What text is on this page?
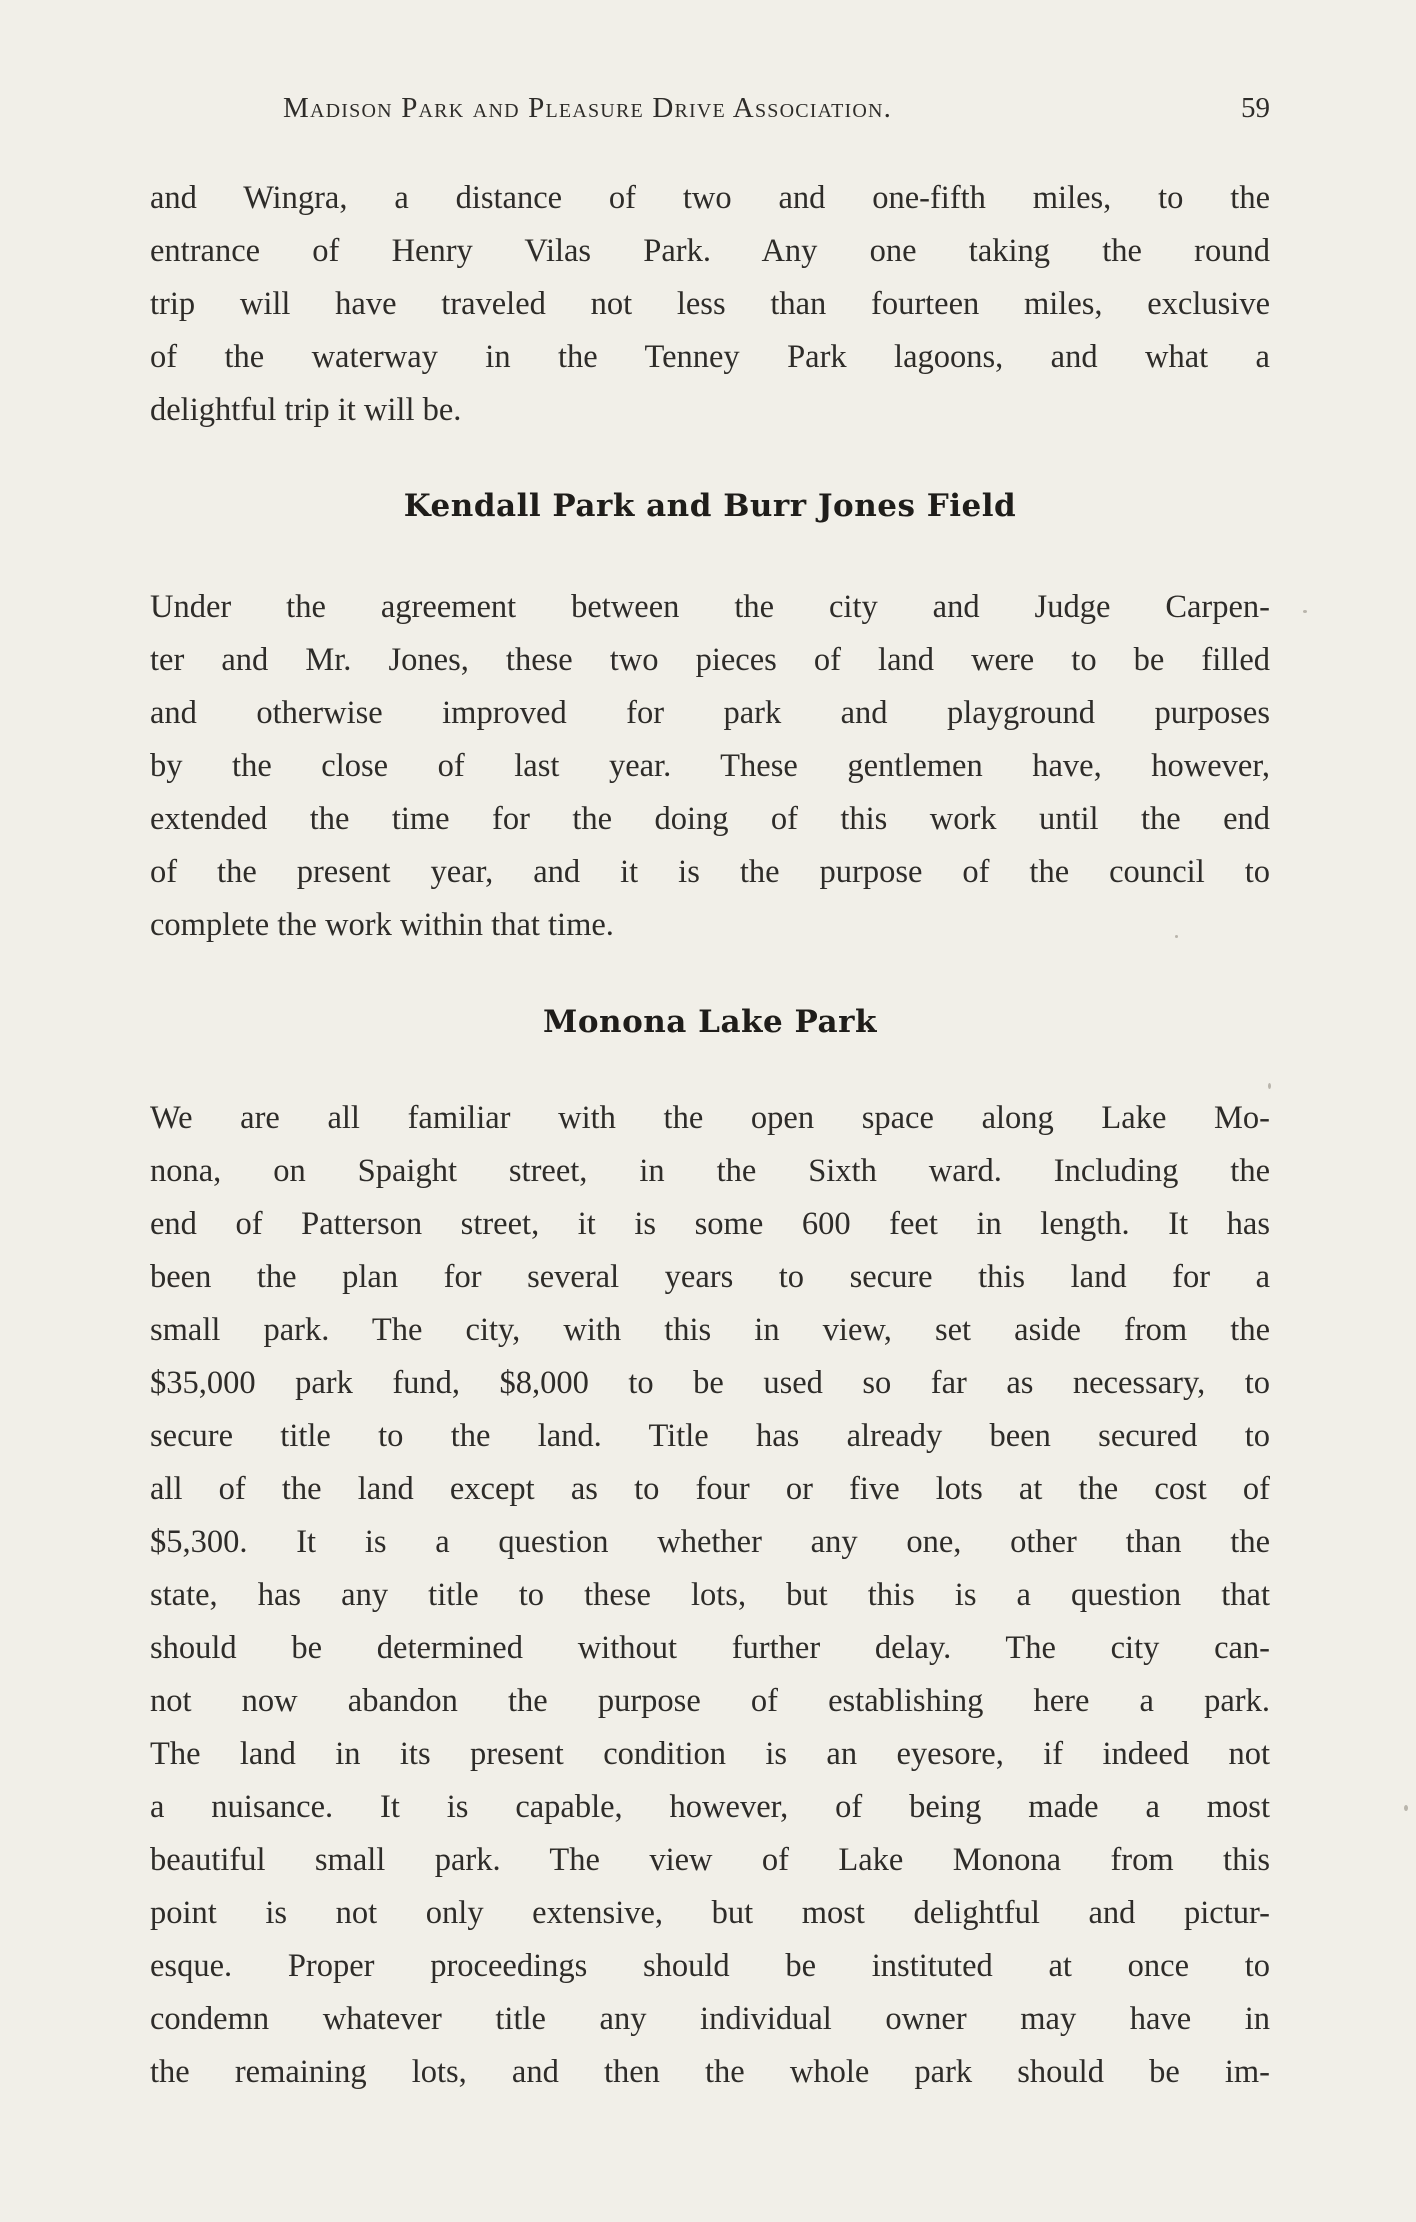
Madison Park and Pleasure Drive Association.	59
and Wingra, a distance of two and one-fifth miles, to the
entrance of Henry Vilas Park. Any one taking the round
trip will have traveled not less than fourteen miles, exclusive
of the waterway in the Tenney Park lagoons, and what a
delightful trip it will be.
Kendall Park and Burr Jones Field
Under the agreement between the city and Judge Carpen-
ter and Mr. Jones, these two pieces of land were to be filled
and otherwise improved for park and playground purposes
by the close of last year. These gentlemen have, however,
extended the time for the doing of this work until the end
of the present year, and it is the purpose of the council to
complete the work within that time.
Monona Lake Park
We are all familiar with the open space along Lake Mo-
nona, on Spaight street, in the Sixth ward. Including the
end of Patterson street, it is some 600 feet in length. It has
been the plan for several years to secure this land for a
small park. The city, with this in view, set aside from the
$35,000 park fund, $8,000 to be used so far as necessary, to
secure title to the land. Title has already been secured to
all of the land except as to four or five lots at the cost of
$5,300. It is a question whether any one, other than the
state, has any title to these lots, but this is a question that
should be determined without further delay. The city can-
not now abandon the purpose of establishing here a park.
The land in its present condition is an eyesore, if indeed not
a nuisance. It is capable, however, of being made a most
beautiful small park. The view of Lake Monona from this
point is not only extensive, but most delightful and pictur-
esque. Proper proceedings should be instituted at once to
condemn whatever title any individual owner may have in
the remaining lots, and then the whole park should be im-
